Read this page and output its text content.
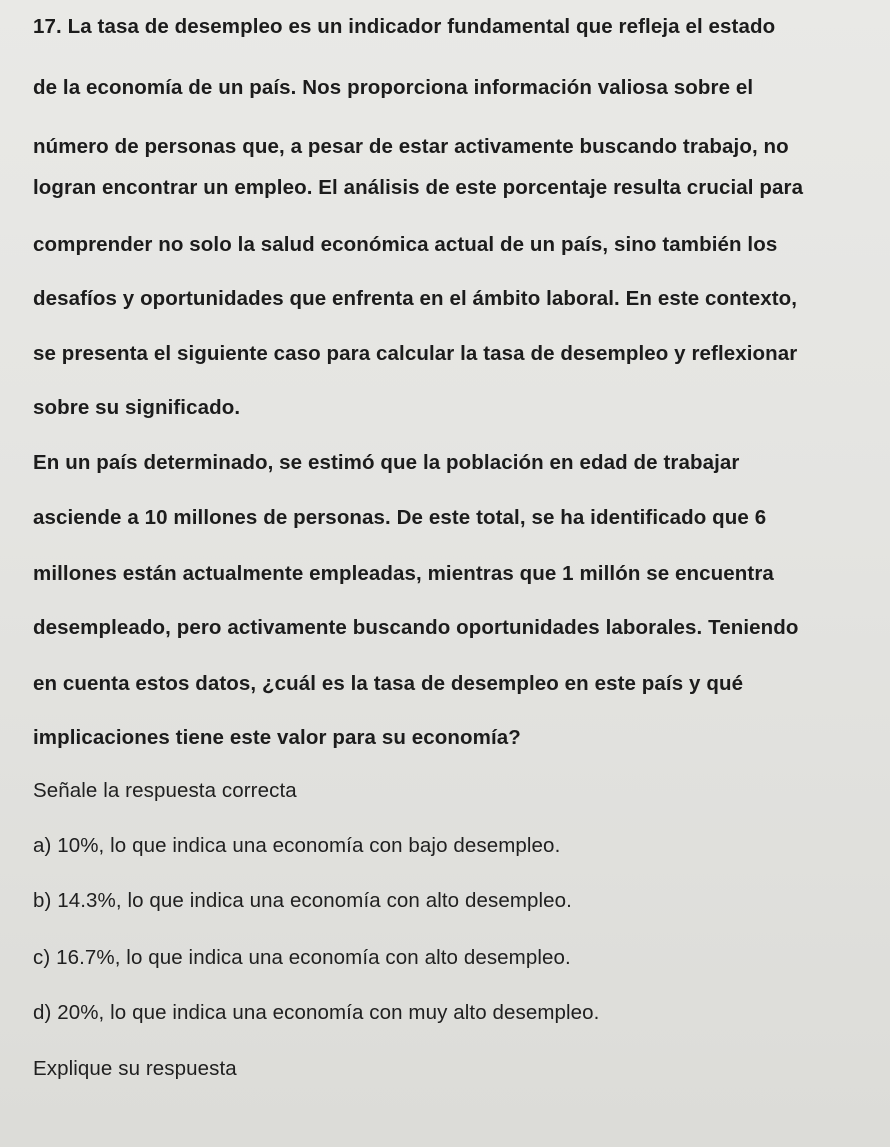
17. La tasa de desempleo es un indicador fundamental que refleja el estado
de la economía de un país. Nos proporciona información valiosa sobre el
número de personas que, a pesar de estar activamente buscando trabajo, no
logran encontrar un empleo. El análisis de este porcentaje resulta crucial para
comprender no solo la salud económica actual de un país, sino también los
desafíos y oportunidades que enfrenta en el ámbito laboral. En este contexto,
se presenta el siguiente caso para calcular la tasa de desempleo y reflexionar
sobre su significado.
En un país determinado, se estimó que la población en edad de trabajar
asciende a 10 millones de personas. De este total, se ha identificado que 6
millones están actualmente empleadas, mientras que 1 millón se encuentra
desempleado, pero activamente buscando oportunidades laborales. Teniendo
en cuenta estos datos, ¿cuál es la tasa de desempleo en este país y qué
implicaciones tiene este valor para su economía?
Señale la respuesta correcta
a) 10%, lo que indica una economía con bajo desempleo.
b) 14.3%, lo que indica una economía con alto desempleo.
c) 16.7%, lo que indica una economía con alto desempleo.
d) 20%, lo que indica una economía con muy alto desempleo.
Explique su respuesta
